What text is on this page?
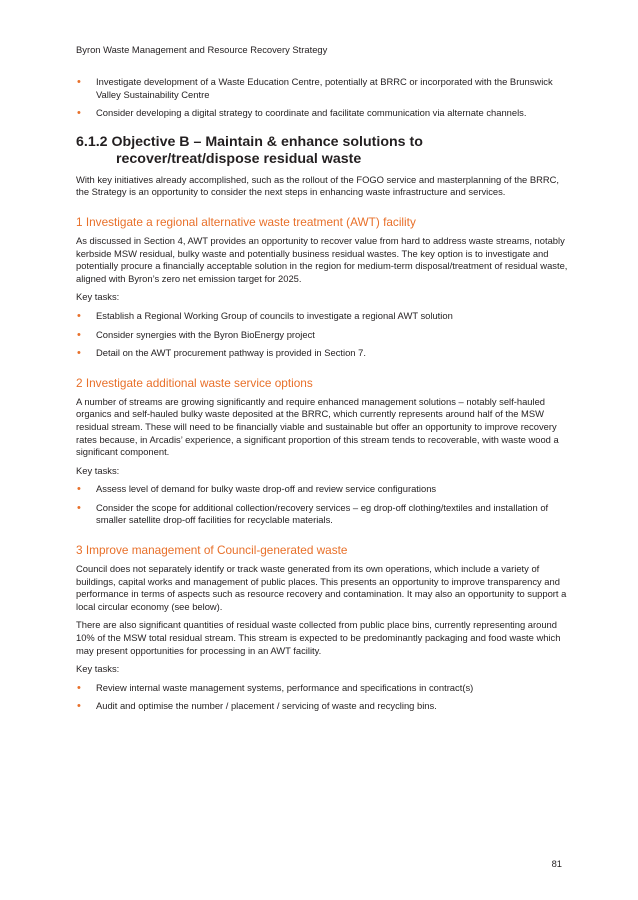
Byron Waste Management and Resource Recovery Strategy
• Investigate development of a Waste Education Centre, potentially at BRRC or incorporated with the Brunswick Valley Sustainability Centre
• Consider developing a digital strategy to coordinate and facilitate communication via alternate channels.
6.1.2 Objective B – Maintain & enhance solutions to
recover/treat/dispose residual waste

With key initiatives already accomplished, such as the rollout of the FOGO service and masterplanning of the BRRC, the Strategy is an opportunity to consider the next steps in enhancing waste infrastructure and services.

1 Investigate a regional alternative waste treatment (AWT) facility

As discussed in Section 4, AWT provides an opportunity to recover value from hard to address waste streams, notably kerbside MSW residual, bulky waste and potentially business residual wastes. The key option is to investigate and potentially procure a financially acceptable solution in the region for medium-term disposal/treatment of residual waste, aligned with Byron’s zero net emission target for 2025.

Key tasks:

• Establish a Regional Working Group of councils to investigate a regional AWT solution
• Consider synergies with the Byron BioEnergy project
• Detail on the AWT procurement pathway is provided in Section 7.
2 Investigate additional waste service options

A number of streams are growing significantly and require enhanced management solutions – notably self-hauled organics and self-hauled bulky waste deposited at the BRRC, which currently represents around half of the MSW residual stream. These will need to be financially viable and sustainable but offer an opportunity to improve recovery rates because, in Arcadis’ experience, a significant proportion of this stream tends to recoverable, with waste wood a significant component.

Key tasks:

• Assess level of demand for bulky waste drop-off and review service configurations
• Consider the scope for additional collection/recovery services – eg drop-off clothing/textiles and installation of smaller satellite drop-off facilities for recyclable materials.
3 Improve management of Council-generated waste

Council does not separately identify or track waste generated from its own operations, which include a variety of buildings, capital works and management of public places. This presents an opportunity to improve transparency and performance in terms of aspects such as resource recovery and contamination. It may also an opportunity to support a local circular economy (see below).

There are also significant quantities of residual waste collected from public place bins, currently representing around 10% of the MSW total residual stream. This stream is expected to be predominantly packaging and food waste which may present opportunities for processing in an AWT facility.

Key tasks:

• Review internal waste management systems, performance and specifications in contract(s)
• Audit and optimise the number / placement / servicing of waste and recycling bins.
81
